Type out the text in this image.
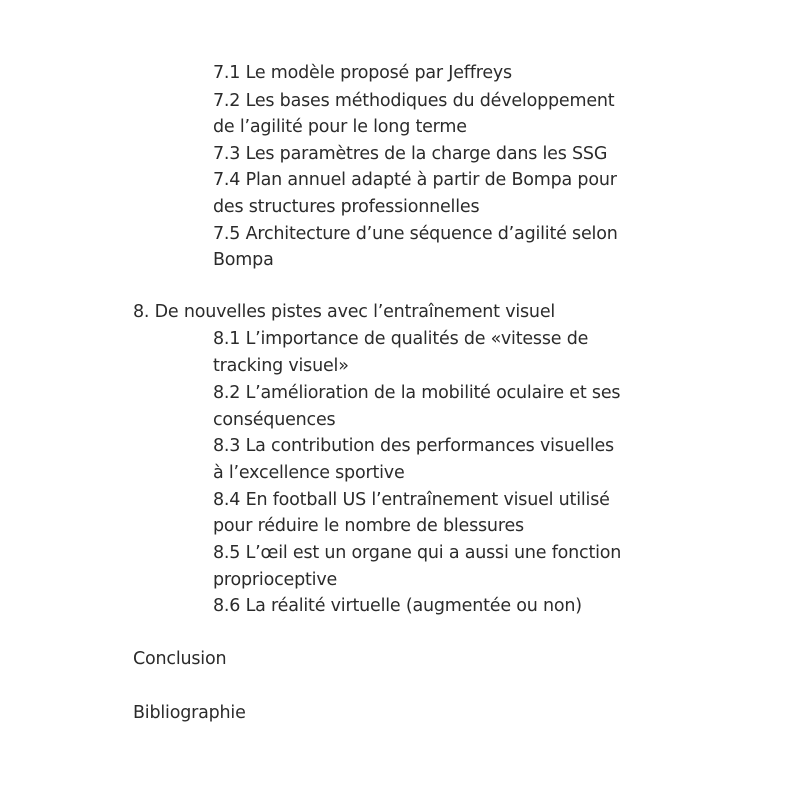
7.1 Le modèle proposé par Jeffreys
7.2 Les bases méthodiques du développement
de l’agilité pour le long terme
7.3 Les paramètres de la charge dans les SSG
7.4 Plan annuel adapté à partir de Bompa pour
des structures professionnelles
7.5 Architecture d’une séquence d’agilité selon
Bompa
8. De nouvelles pistes avec l’entraînement visuel
8.1 L’importance de qualités de «vitesse de
tracking visuel»
8.2 L’amélioration de la mobilité oculaire et ses
conséquences
8.3 La contribution des performances visuelles
à l’excellence sportive
8.4 En football US l’entraînement visuel utilisé
pour réduire le nombre de blessures
8.5 L’œil est un organe qui a aussi une fonction
proprioceptive
8.6 La réalité virtuelle (augmentée ou non)
Conclusion
Bibliographie
